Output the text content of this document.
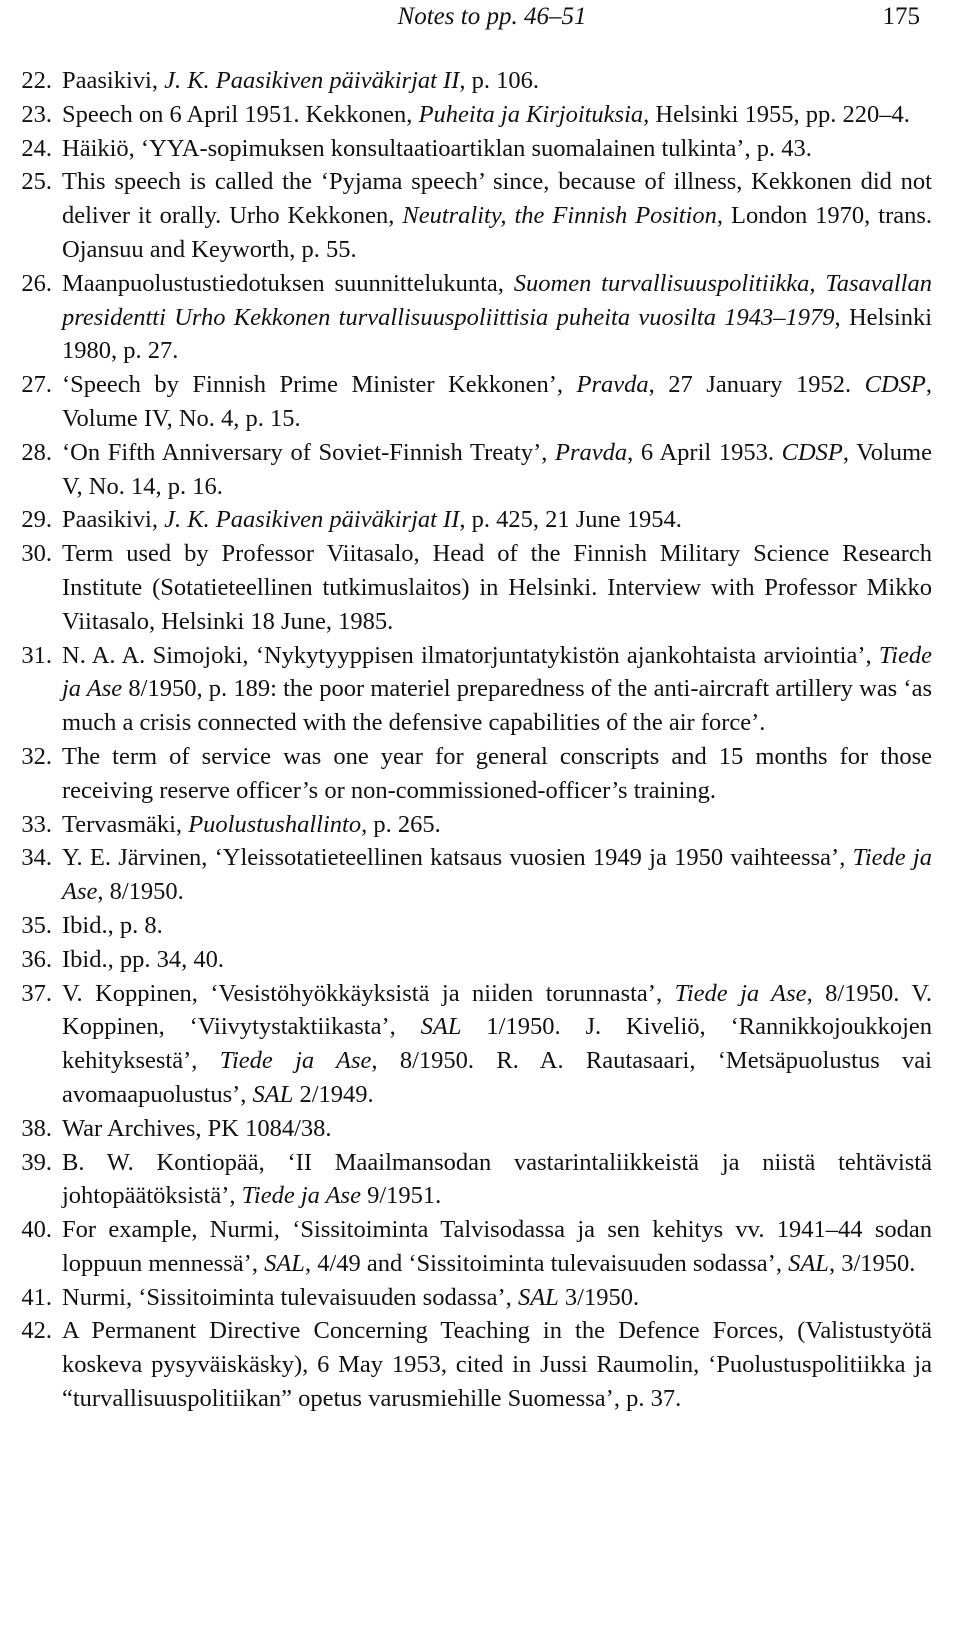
Notes to pp. 46–51	175
22. Paasikivi, J. K. Paasikiven päiväkirjat II, p. 106.
23. Speech on 6 April 1951. Kekkonen, Puheita ja Kirjoituksia, Helsinki 1955, pp. 220–4.
24. Häikiö, ‘YYA-sopimuksen konsultaatioartiklan suomalainen tulkinta’, p. 43.
25. This speech is called the ‘Pyjama speech’ since, because of illness, Kekkonen did not deliver it orally. Urho Kekkonen, Neutrality, the Finnish Position, London 1970, trans. Ojansuu and Keyworth, p. 55.
26. Maanpuolustustiedotuksen suunnittelukunta, Suomen turvallisuuspolitiikka, Tasavallan presidentti Urho Kekkonen turvallisuuspoliittisia puheita vuosilta 1943–1979, Helsinki 1980, p. 27.
27. ‘Speech by Finnish Prime Minister Kekkonen’, Pravda, 27 January 1952. CDSP, Volume IV, No. 4, p. 15.
28. ‘On Fifth Anniversary of Soviet-Finnish Treaty’, Pravda, 6 April 1953. CDSP, Volume V, No. 14, p. 16.
29. Paasikivi, J. K. Paasikiven päiväkirjat II, p. 425, 21 June 1954.
30. Term used by Professor Viitasalo, Head of the Finnish Military Science Research Institute (Sotatieteellinen tutkimuslaitos) in Helsinki. Interview with Professor Mikko Viitasalo, Helsinki 18 June, 1985.
31. N. A. A. Simojoki, ‘Nykytyyppisen ilmatorjuntatykistön ajankohtaista arviointia’, Tiede ja Ase 8/1950, p. 189: the poor materiel preparedness of the anti-aircraft artillery was ‘as much a crisis connected with the defensive capabilities of the air force’.
32. The term of service was one year for general conscripts and 15 months for those receiving reserve officer’s or non-commissioned-officer’s training.
33. Tervasmäki, Puolustushallinto, p. 265.
34. Y. E. Järvinen, ‘Yleissotatieteellinen katsaus vuosien 1949 ja 1950 vaihteessa’, Tiede ja Ase, 8/1950.
35. Ibid., p. 8.
36. Ibid., pp. 34, 40.
37. V. Koppinen, ‘Vesistöhyökkäyksistä ja niiden torunnasta’, Tiede ja Ase, 8/1950. V. Koppinen, ‘Viivytystaktiikasta’, SAL 1/1950. J. Kiveliö, ‘Rannikkojoukkojen kehityksestä’, Tiede ja Ase, 8/1950. R. A. Rautasaari, ‘Metsäpuolustus vai avomaapuolustus’, SAL 2/1949.
38. War Archives, PK 1084/38.
39. B. W. Kontiopää, ‘II Maailmansodan vastarintaliikkeistä ja niistä tehtävistä johtopäätöksistä’, Tiede ja Ase 9/1951.
40. For example, Nurmi, ‘Sissitoiminta Talvisodassa ja sen kehitys vv. 1941–44 sodan loppuun mennessä’, SAL, 4/49 and ‘Sissitoiminta tulevaisuuden sodassa’, SAL, 3/1950.
41. Nurmi, ‘Sissitoiminta tulevaisuuden sodassa’, SAL 3/1950.
42. A Permanent Directive Concerning Teaching in the Defence Forces, (Valistustyötä koskeva pysyväiskäsky), 6 May 1953, cited in Jussi Raumolin, ‘Puolustuspolitiikka ja “turvallisuuspolitiikan” opetus varusmiehille Suomessa’, p. 37.
